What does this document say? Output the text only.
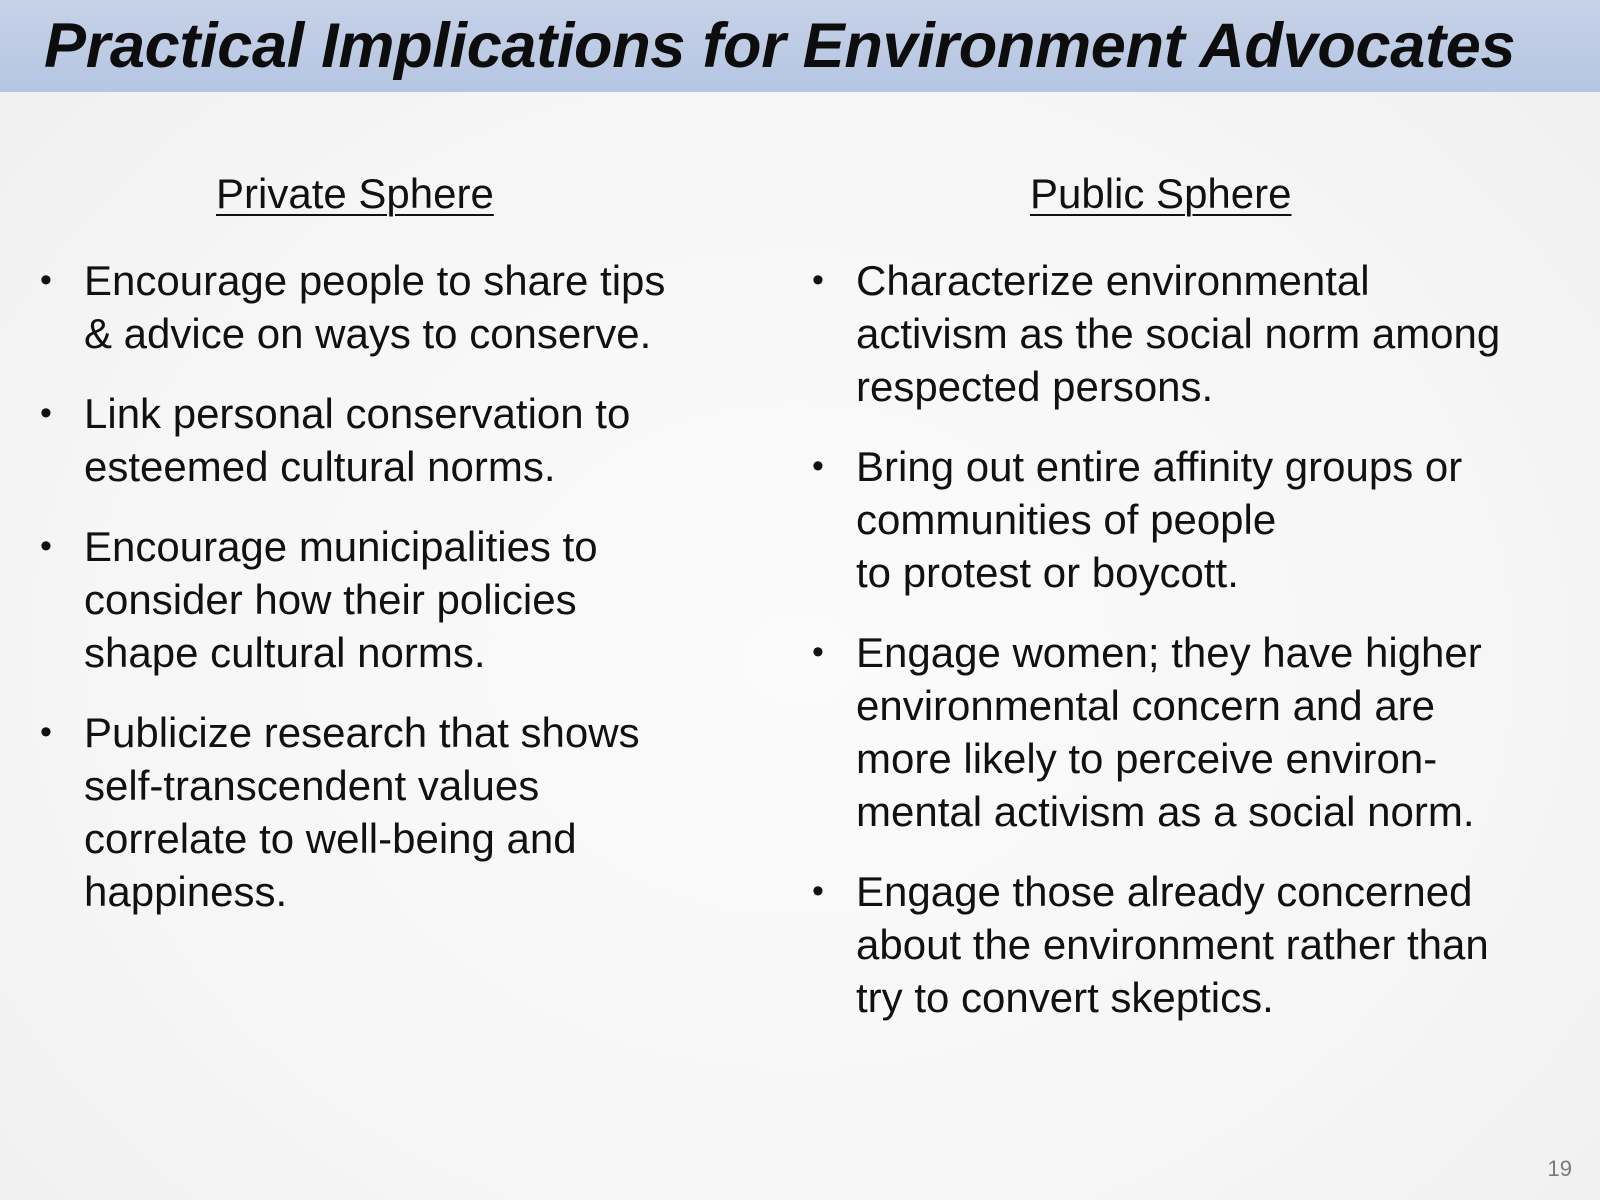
Practical Implications for Environment Advocates
Private Sphere
• Encourage people to share tips
& advice on ways to conserve.
• Link personal conservation to
esteemed cultural norms.
• Encourage municipalities to
consider how their policies
shape cultural norms.
• Publicize research that shows
self-transcendent values
correlate to well-being and
happiness.
Public Sphere
• Characterize environmental
activism as the social norm among
respected persons.
• Bring out entire affinity groups or
communities of people
to protest or boycott.
• Engage women; they have higher
environmental concern and are
more likely to perceive environ-
mental activism as a social norm.
• Engage those already concerned
about the environment rather than
try to convert skeptics.
19
